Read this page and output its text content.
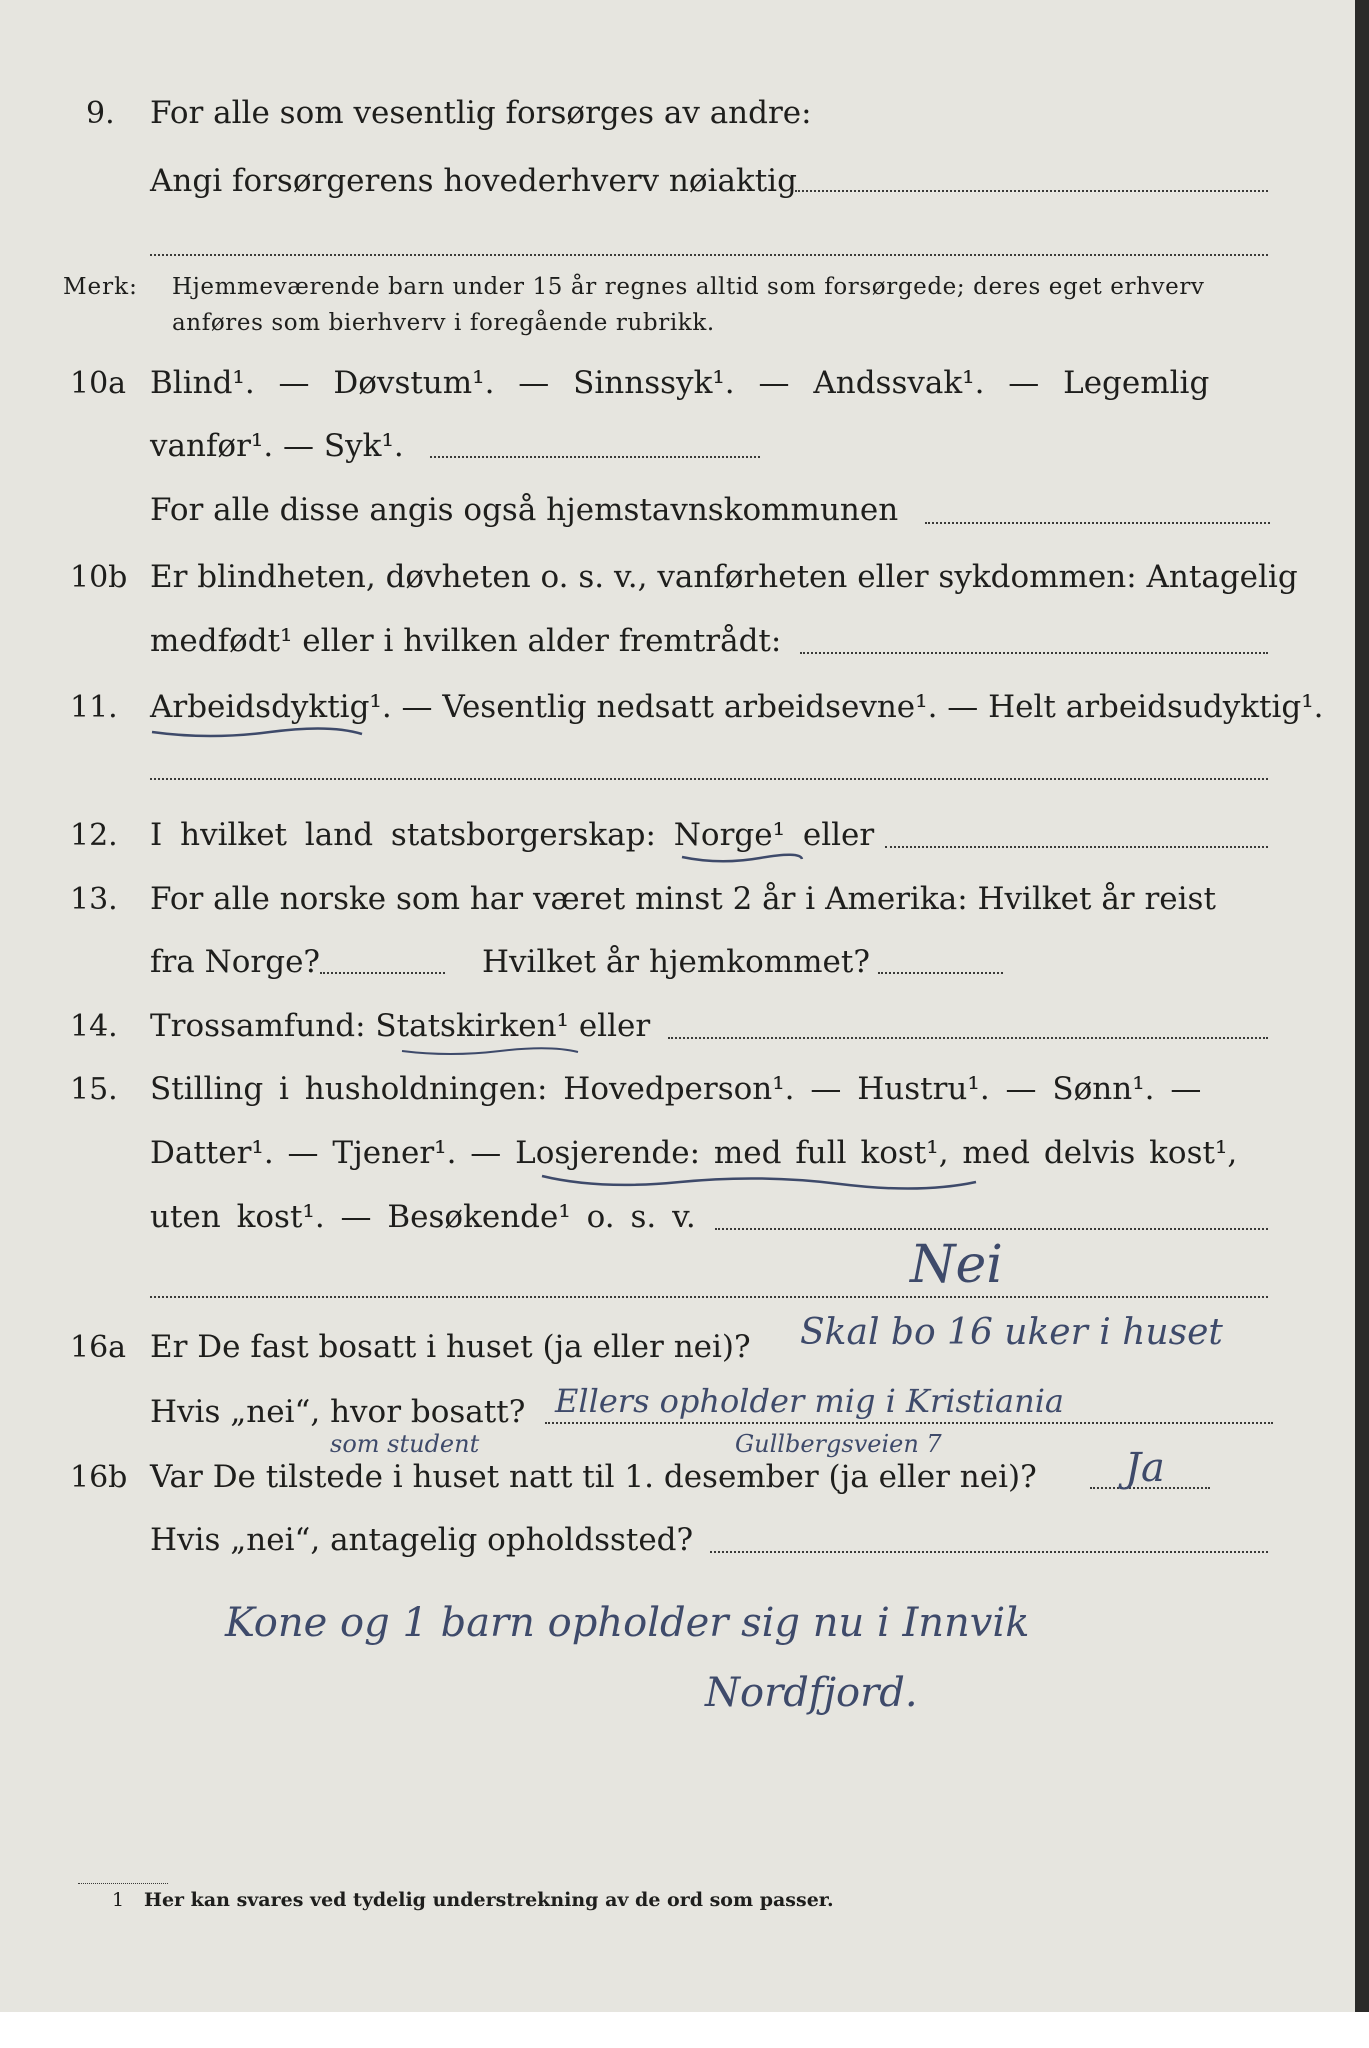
9. For alle som vesentlig forsørges av andre:
Angi forsørgerens hovederhverv nøiaktig
Merk: Hjemmeværende barn under 15 år regnes alltid som forsørgede; deres eget erhverv
anføres som bierhverv i foregående rubrikk.
10a Blind¹. — Døvstum¹. — Sinnssyk¹. — Andssvak¹. — Legemlig
vanfør¹. — Syk¹.
For alle disse angis også hjemstavnskommunen
10b Er blindheten, døvheten o. s. v., vanførheten eller sykdommen: Antagelig
medfødt¹ eller i hvilken alder fremtrådt:
11. Arbeidsdyktig¹. — Vesentlig nedsatt arbeidsevne¹. — Helt arbeidsudyktig¹.
12. I hvilket land statsborgerskap: Norge¹ eller
13. For alle norske som har været minst 2 år i Amerika: Hvilket år reist
fra Norge?	Hvilket år hjemkommet?
14. Trossamfund: Statskirken¹ eller
15. Stilling i husholdningen: Hovedperson¹. — Hustru¹. — Sønn¹. —
Datter¹. — Tjener¹. — Losjerende: med full kost¹, med delvis kost¹,
uten kost¹. — Besøkende¹ o. s. v.
Nei
16a Er De fast bosatt i huset (ja eller nei)? Skal bo 16 uker i huset
Hvis „nei“, hvor bosatt? Ellers opholder mig i Kristiania
som student	Gullbergsveien 7
16b Var De tilstede i huset natt til 1. desember (ja eller nei)? Ja
Hvis „nei“, antagelig opholdssted?
Kone og 1 barn opholder sig nu i Innvik
Nordfjord.
1 Her kan svares ved tydelig understrekning av de ord som passer.
